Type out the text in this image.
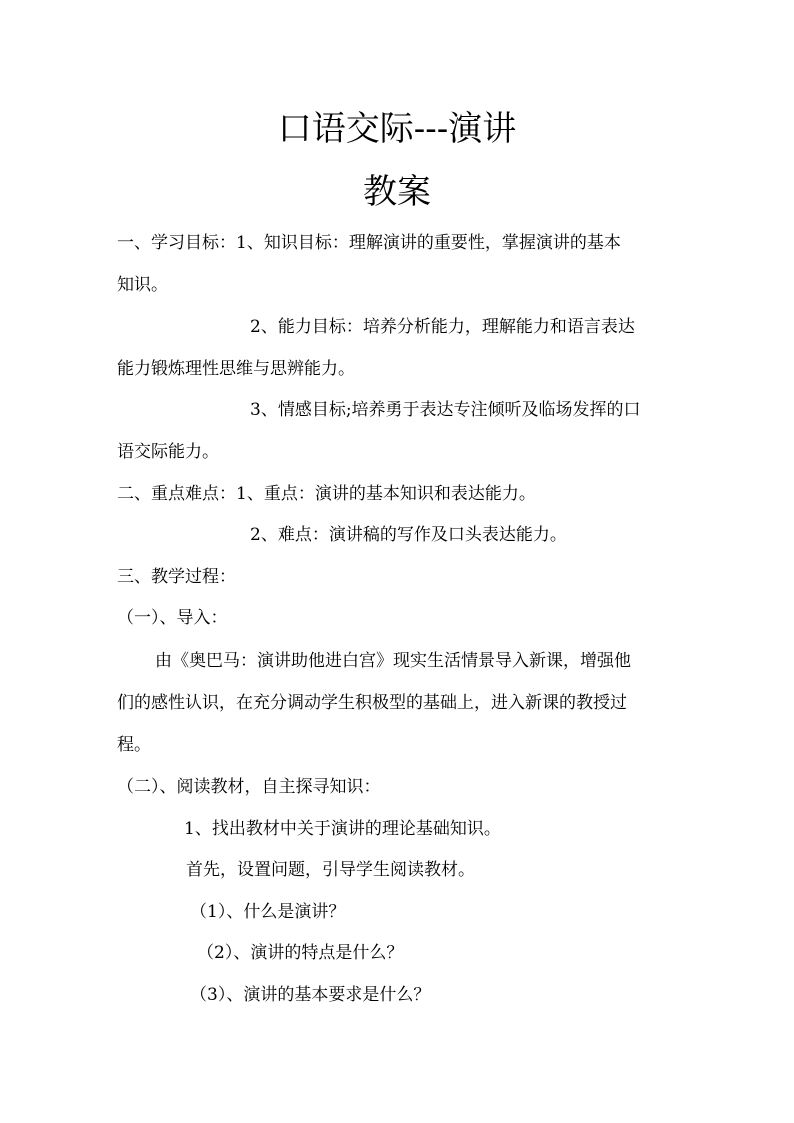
口语交际---演讲
教案
一、学习目标：1、知识目标：理解演讲的重要性，掌握演讲的基本
知识。
2、能力目标：培养分析能力，理解能力和语言表达
能力锻炼理性思维与思辨能力。
3、情感目标;培养勇于表达专注倾听及临场发挥的口
语交际能力。
二、重点难点：1、重点：演讲的基本知识和表达能力。
2、难点：演讲稿的写作及口头表达能力。
三、教学过程：
（一）、导入：
由《奥巴马：演讲助他进白宫》现实生活情景导入新课，增强他
们的感性认识，在充分调动学生积极型的基础上，进入新课的教授过
程。
（二）、阅读教材，自主探寻知识：
1、找出教材中关于演讲的理论基础知识。
首先，设置问题，引导学生阅读教材。
（1）、什么是演讲？
（2）、演讲的特点是什么？
（3）、演讲的基本要求是什么？
